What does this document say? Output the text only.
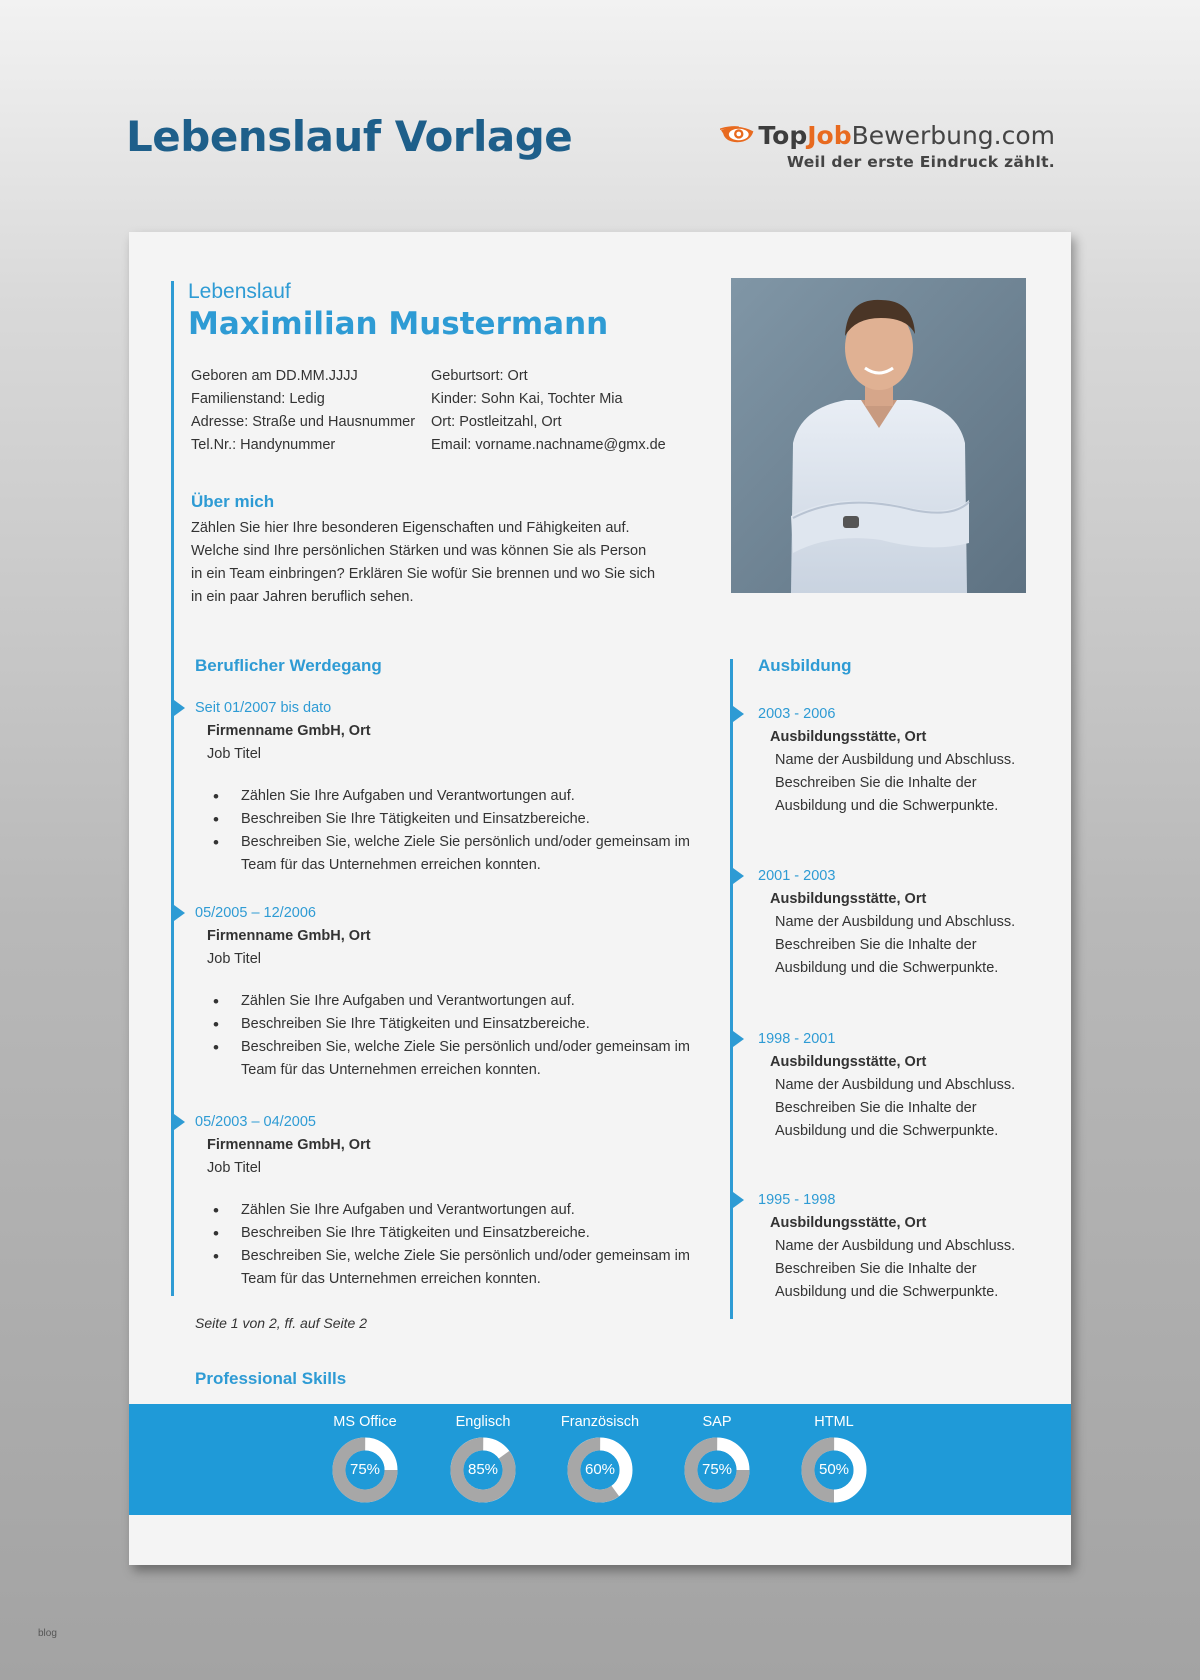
Lebenslauf Vorlage	TopJobBewerbung.com
Weil der erste Eindruck zählt.
Lebenslauf
Maximilian Mustermann
Geboren am DD.MM.JJJJ
Familienstand: Ledig
Adresse: Straße und Hausnummer
Tel.Nr.: Handynummer
Geburtsort: Ort
Kinder: Sohn Kai, Tochter Mia
Ort: Postleitzahl, Ort
Email: vorname.nachname@gmx.de
Über mich

Zählen Sie hier Ihre besonderen Eigenschaften und Fähigkeiten auf. Welche sind Ihre persönlichen Stärken und was können Sie als Person in ein Team einbringen? Erklären Sie wofür Sie brennen und wo Sie sich in ein paar Jahren beruflich sehen.

Beruflicher Werdegang
Seit 01/2007 bis dato
Firmenname GmbH, Ort
Job Titel
• Zählen Sie Ihre Aufgaben und Verantwortungen auf.
• Beschreiben Sie Ihre Tätigkeiten und Einsatzbereiche.
• Beschreiben Sie, welche Ziele Sie persönlich und/oder gemeinsam im Team für das Unternehmen erreichen konnten.
05/2005 – 12/2006
Firmenname GmbH, Ort
Job Titel
• Zählen Sie Ihre Aufgaben und Verantwortungen auf.
• Beschreiben Sie Ihre Tätigkeiten und Einsatzbereiche.
• Beschreiben Sie, welche Ziele Sie persönlich und/oder gemeinsam im Team für das Unternehmen erreichen konnten.
05/2003 – 04/2005
Firmenname GmbH, Ort
Job Titel
• Zählen Sie Ihre Aufgaben und Verantwortungen auf.
• Beschreiben Sie Ihre Tätigkeiten und Einsatzbereiche.
• Beschreiben Sie, welche Ziele Sie persönlich und/oder gemeinsam im Team für das Unternehmen erreichen konnten.
Ausbildung
2003 - 2006
Ausbildungsstätte, Ort
Name der Ausbildung und Abschluss. Beschreiben Sie die Inhalte der Ausbildung und die Schwerpunkte.
2001 - 2003
Ausbildungsstätte, Ort
Name der Ausbildung und Abschluss. Beschreiben Sie die Inhalte der Ausbildung und die Schwerpunkte.
1998 - 2001
Ausbildungsstätte, Ort
Name der Ausbildung und Abschluss. Beschreiben Sie die Inhalte der Ausbildung und die Schwerpunkte.
1995 - 1998
Ausbildungsstätte, Ort
Name der Ausbildung und Abschluss. Beschreiben Sie die Inhalte der Ausbildung und die Schwerpunkte.
Seite 1 von 2, ff. auf Seite 2
Professional Skills
MS Office
75%
Englisch
85%
Französisch
60%
SAP
75%
HTML
50%
blog
